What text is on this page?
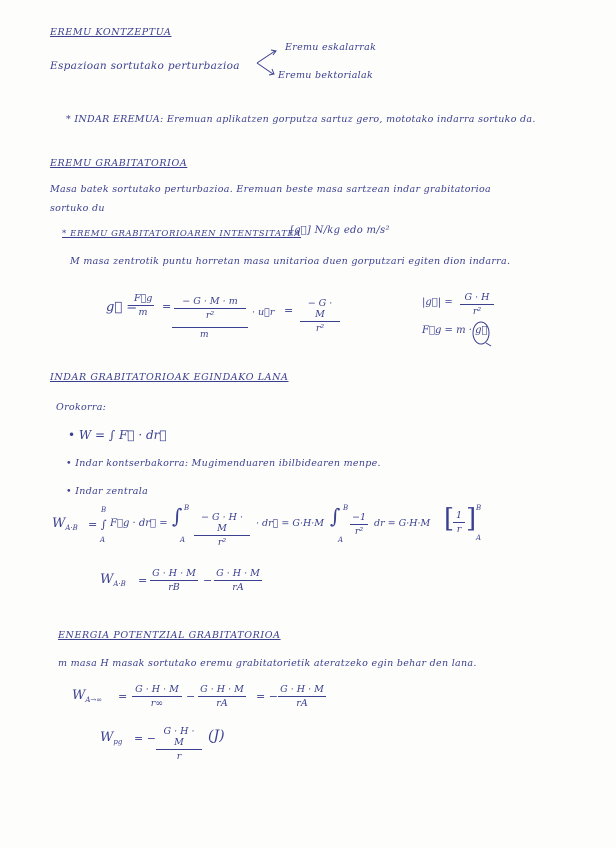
EREMU KONTZEPTUA
Espazioan sortutako perturbazioa
Eremu eskalarrak
Eremu bektorialak
* INDAR EREMUA: Eremuan aplikatzen gorputza sartuz gero, mototako indarra sortuko da.
EREMU GRABITATORIOA
Masa batek sortutako perturbazioa. Eremuan beste masa sartzean indar grabitatorioa
sortuko du
* EREMU GRABITATORIOAREN INTENTSITATEA
[g⃗] N/kg edo m/s²
M masa zentrotik puntu horretan masa unitarioa duen gorputzari egiten dion indarra.
g⃗ =
$\frac{F⃗g}{m} = \frac{- G \cdot M \cdot m}{\text{r²}}$
m
· u⃗r = $\frac{- G \cdot M}{\text{r²}}$	|g⃗| = $\frac{G \cdot H}{\text{r²}}$
F⃗g = m · g⃗
INDAR GRABITATORIOAK EGINDAKO LANA
Orokorra:
• W = ∫ F⃗ · dr⃗
• Indar kontserbakorra: Mugimenduaren ibilbidearen menpe.
• Indar zentrala
$W_{A\cdot B}$ = ∫
B
A
F⃗g · dr⃗ = ∫ B
A $\frac{- G \cdot H \cdot M}{\text{r²}}$ · dr⃗ = G·H·M ∫ B
A
$\frac{-1}{\text{r²}}$ dr = G·H·M [
$\frac{1}{r}$ ] B
A
$W_{A\cdot B} = \frac{G \cdot H \cdot M}{rB} - \frac{G \cdot H \cdot M}{rA}$
ENERGIA POTENTZIAL GRABITATORIOA
m masa H masak sortutako eremu grabitatorietik ateratzeko egin behar den lana.
$W_{A\to\infty} = \frac{G \cdot H \cdot M}{r\infty} - \frac{G \cdot H \cdot M}{rA}$ = − $\frac{G \cdot H \cdot M}{rA}$
$W_{pg}$ = − $\frac{G \cdot H \cdot M}{r} (J)$
